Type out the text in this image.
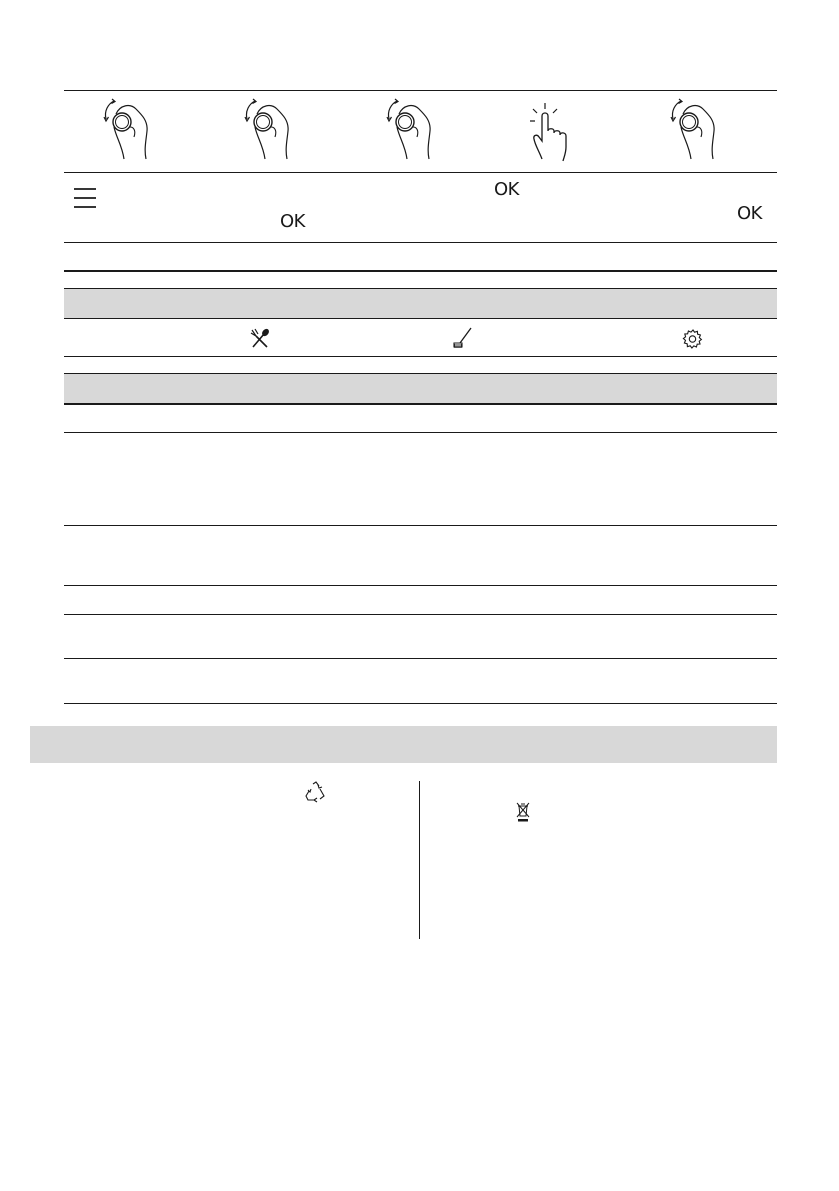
OK
OK	OK
